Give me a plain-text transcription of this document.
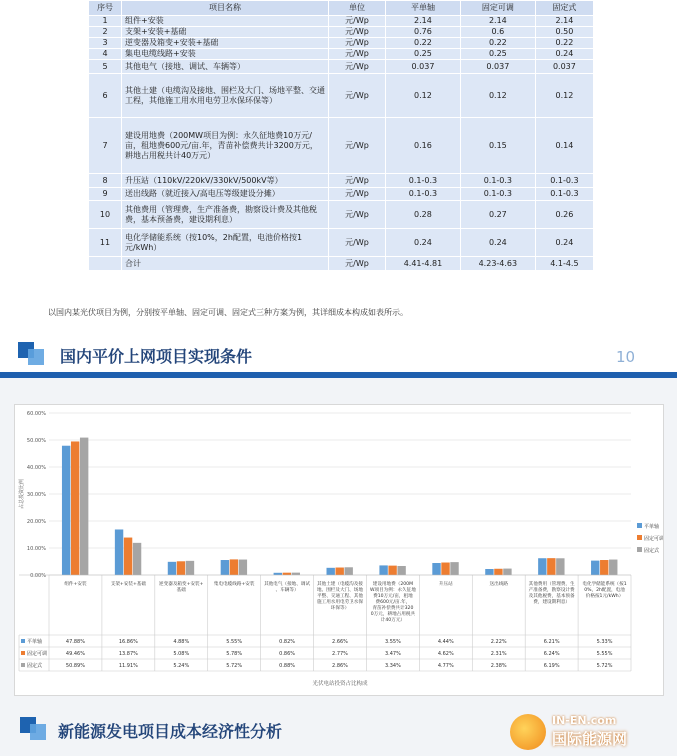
序号	项目名称	单位	平单轴	固定可调	固定式
1	组件+安装	元/Wp	2.14	2.14	2.14
2	支架+安装+基础	元/Wp	0.76	0.6	0.50
3	逆变器及箱变+安装+基础	元/Wp	0.22	0.22	0.22
4	集电电缆线路+安装	元/Wp	0.25	0.25	0.24
5	其他电气（接地、调试、车辆等）	元/Wp	0.037	0.037	0.037
6	其他土建（电缆沟及接地、围栏及大门、场地平整、交通工程，其他施工用水用电劳卫水保环保等）	元/Wp	0.12	0.12	0.12
7	建设用地费（200MW项目为例：永久征地费10万元/亩，租地费600元/亩.年，青苗补偿费共计3200万元，耕地占用税共计40万元）	元/Wp	0.16	0.15	0.14
8	升压站（110kV/220kV/330kV/500kV等）	元/Wp	0.1-0.3	0.1-0.3	0.1-0.3
9	送出线路（就近接入/高电压等级建设分摊）	元/Wp	0.1-0.3	0.1-0.3	0.1-0.3
10	其他费用（管理费，生产准备费，勘察设计费及其他税费，基本预备费，建设期利息）	元/Wp	0.28	0.27	0.26
11	电化学储能系统（按10%，2h配置，电池价格按1元/kWh）	元/Wp	0.24	0.24	0.24
	合计	元/Wp	4.41-4.81	4.23-4.63	4.1-4.5
以国内某光伏项目为例，分别按平单轴、固定可调、固定式三种方案为例，其详细成本构成如表所示。
国内平价上网项目实现条件	10
0.00%
10.00%
20.00%
30.00%
40.00%
50.00%
60.00%
占总投资比例
平单轴
固定可调
固定式
组件+安装	支架+安装+基础	逆变器及箱变+安装+基础
集电电缆线路+安装 其他电气（接地、调试、车辆等）
其他土建（电缆沟及接地、围栏及大门、场地平整、交通工程、其他施工用水用电劳卫水保环保等）
建设用地费（200M W项目为例：永久征地费10万元/亩，租地费600元/亩.年，青苗补偿费共计320 0万元，耕地占用税共计40万元）
升压站	送出线路	其他费用（管理费，生产准备费，勘察设计费及其他税费，基本预备费，建设期利息）
电化学储能系统（按1 0%，2h配置，电池价格按1元/kWh）
平单轴	47.88%	16.86%	4.88%	5.55%	0.82%	2.66%	3.55%	4.44%	2.22%	6.21%	5.33%
固定可调	49.46%	13.87%	5.08%	5.78%	0.86%	2.77%	3.47%	4.62%	2.31%	6.24%	5.55%
固定式	50.89%	11.91%	5.24%	5.72%	0.88%	2.86%	3.34%	4.77%	2.38%	6.19%	5.72%
光伏电站投资占比构成
新能源发电项目成本经济性分析
IN-EN.com
国际能源网
